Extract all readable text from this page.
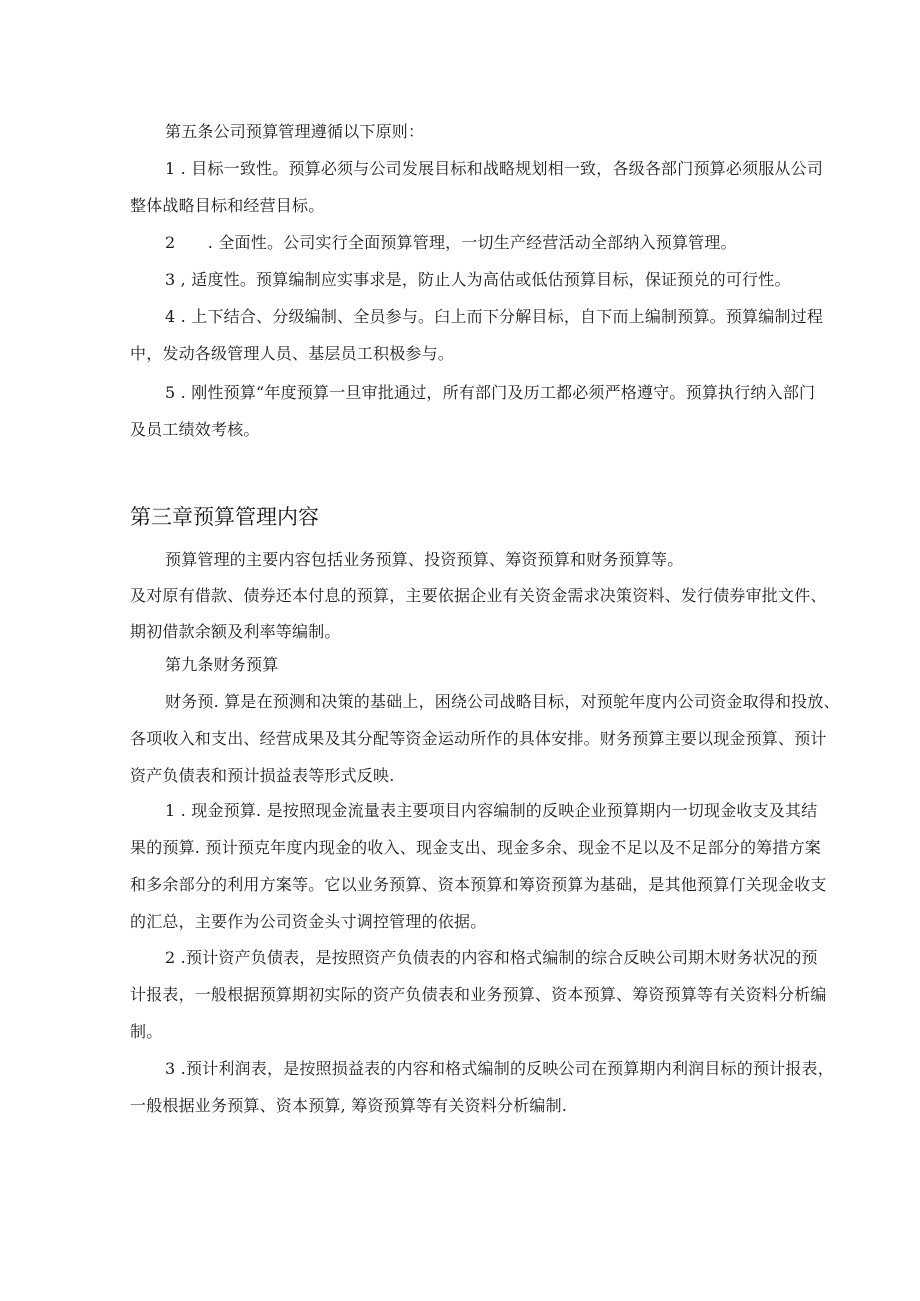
第五条公司预算管理遵循以下原则：
1 . 目标一致性。预算必须与公司发展目标和战略规划相一致，各级各部门预算必须服从公司
整体战略目标和经营目标。
2　　. 全面性。公司实行全面预算管理，一切生产经营活动全部纳入预算管理。
3 , 适度性。预算编制应实事求是，防止人为高估或低估预算目标，保证预兑的可行性。
4 . 上下结合、分级编制、全员参与。臼上而下分解目标，自下而上编制预算。预算编制过程
中，发动各级管理人员、基层员工积极参与。
5 . 刚性预算“年度预算一旦审批通过，所有部门及历工都必须严格遵守。预算执行纳入部门
及员工绩效考核。
第三章预算管理内容
预算管理的主要内容包括业务预算、投资预算、筹资预算和财务预算等。
及对原有借款、债券还本付息的预算，主要依据企业有关资金需求决策资料、发行债券审批文件、
期初借款余额及利率等编制。
第九条财务预算
财务预. 算是在预测和决策的基础上，困绕公司战略目标，对预鸵年度内公司资金取得和投放、
各项收入和支出、经营成果及其分配等资金运动所作的具体安排。财务预算主要以现金预算、预计
资产负债表和预计损益表等形式反映.
1 . 现金预算. 是按照现金流量表主要项目内容编制的反映企业预算期内一切现金收支及其结
果的预算. 预计预克年度内现金的收入、现金支出、现金多余、现金不足以及不足部分的筹措方案
和多余部分的利用方案等。它以业务预算、资本预算和筹资预算为基础，是其他预算仃关现金收支
的汇总，主要作为公司资金头寸调控管理的依据。
2 .预计资产负债表，是按照资产负债表的内容和格式编制的综合反映公司期木财务状况的预
计报表，一般根据预算期初实际的资产负债表和业务预算、资本预算、筹资预算等有关资料分析编
制。
3 .预计利润表，是按照损益表的内容和格式编制的反映公司在预算期内利润目标的预计报表，
一般根据业务预算、资本预算, 筹资预算等有关资料分析编制.
